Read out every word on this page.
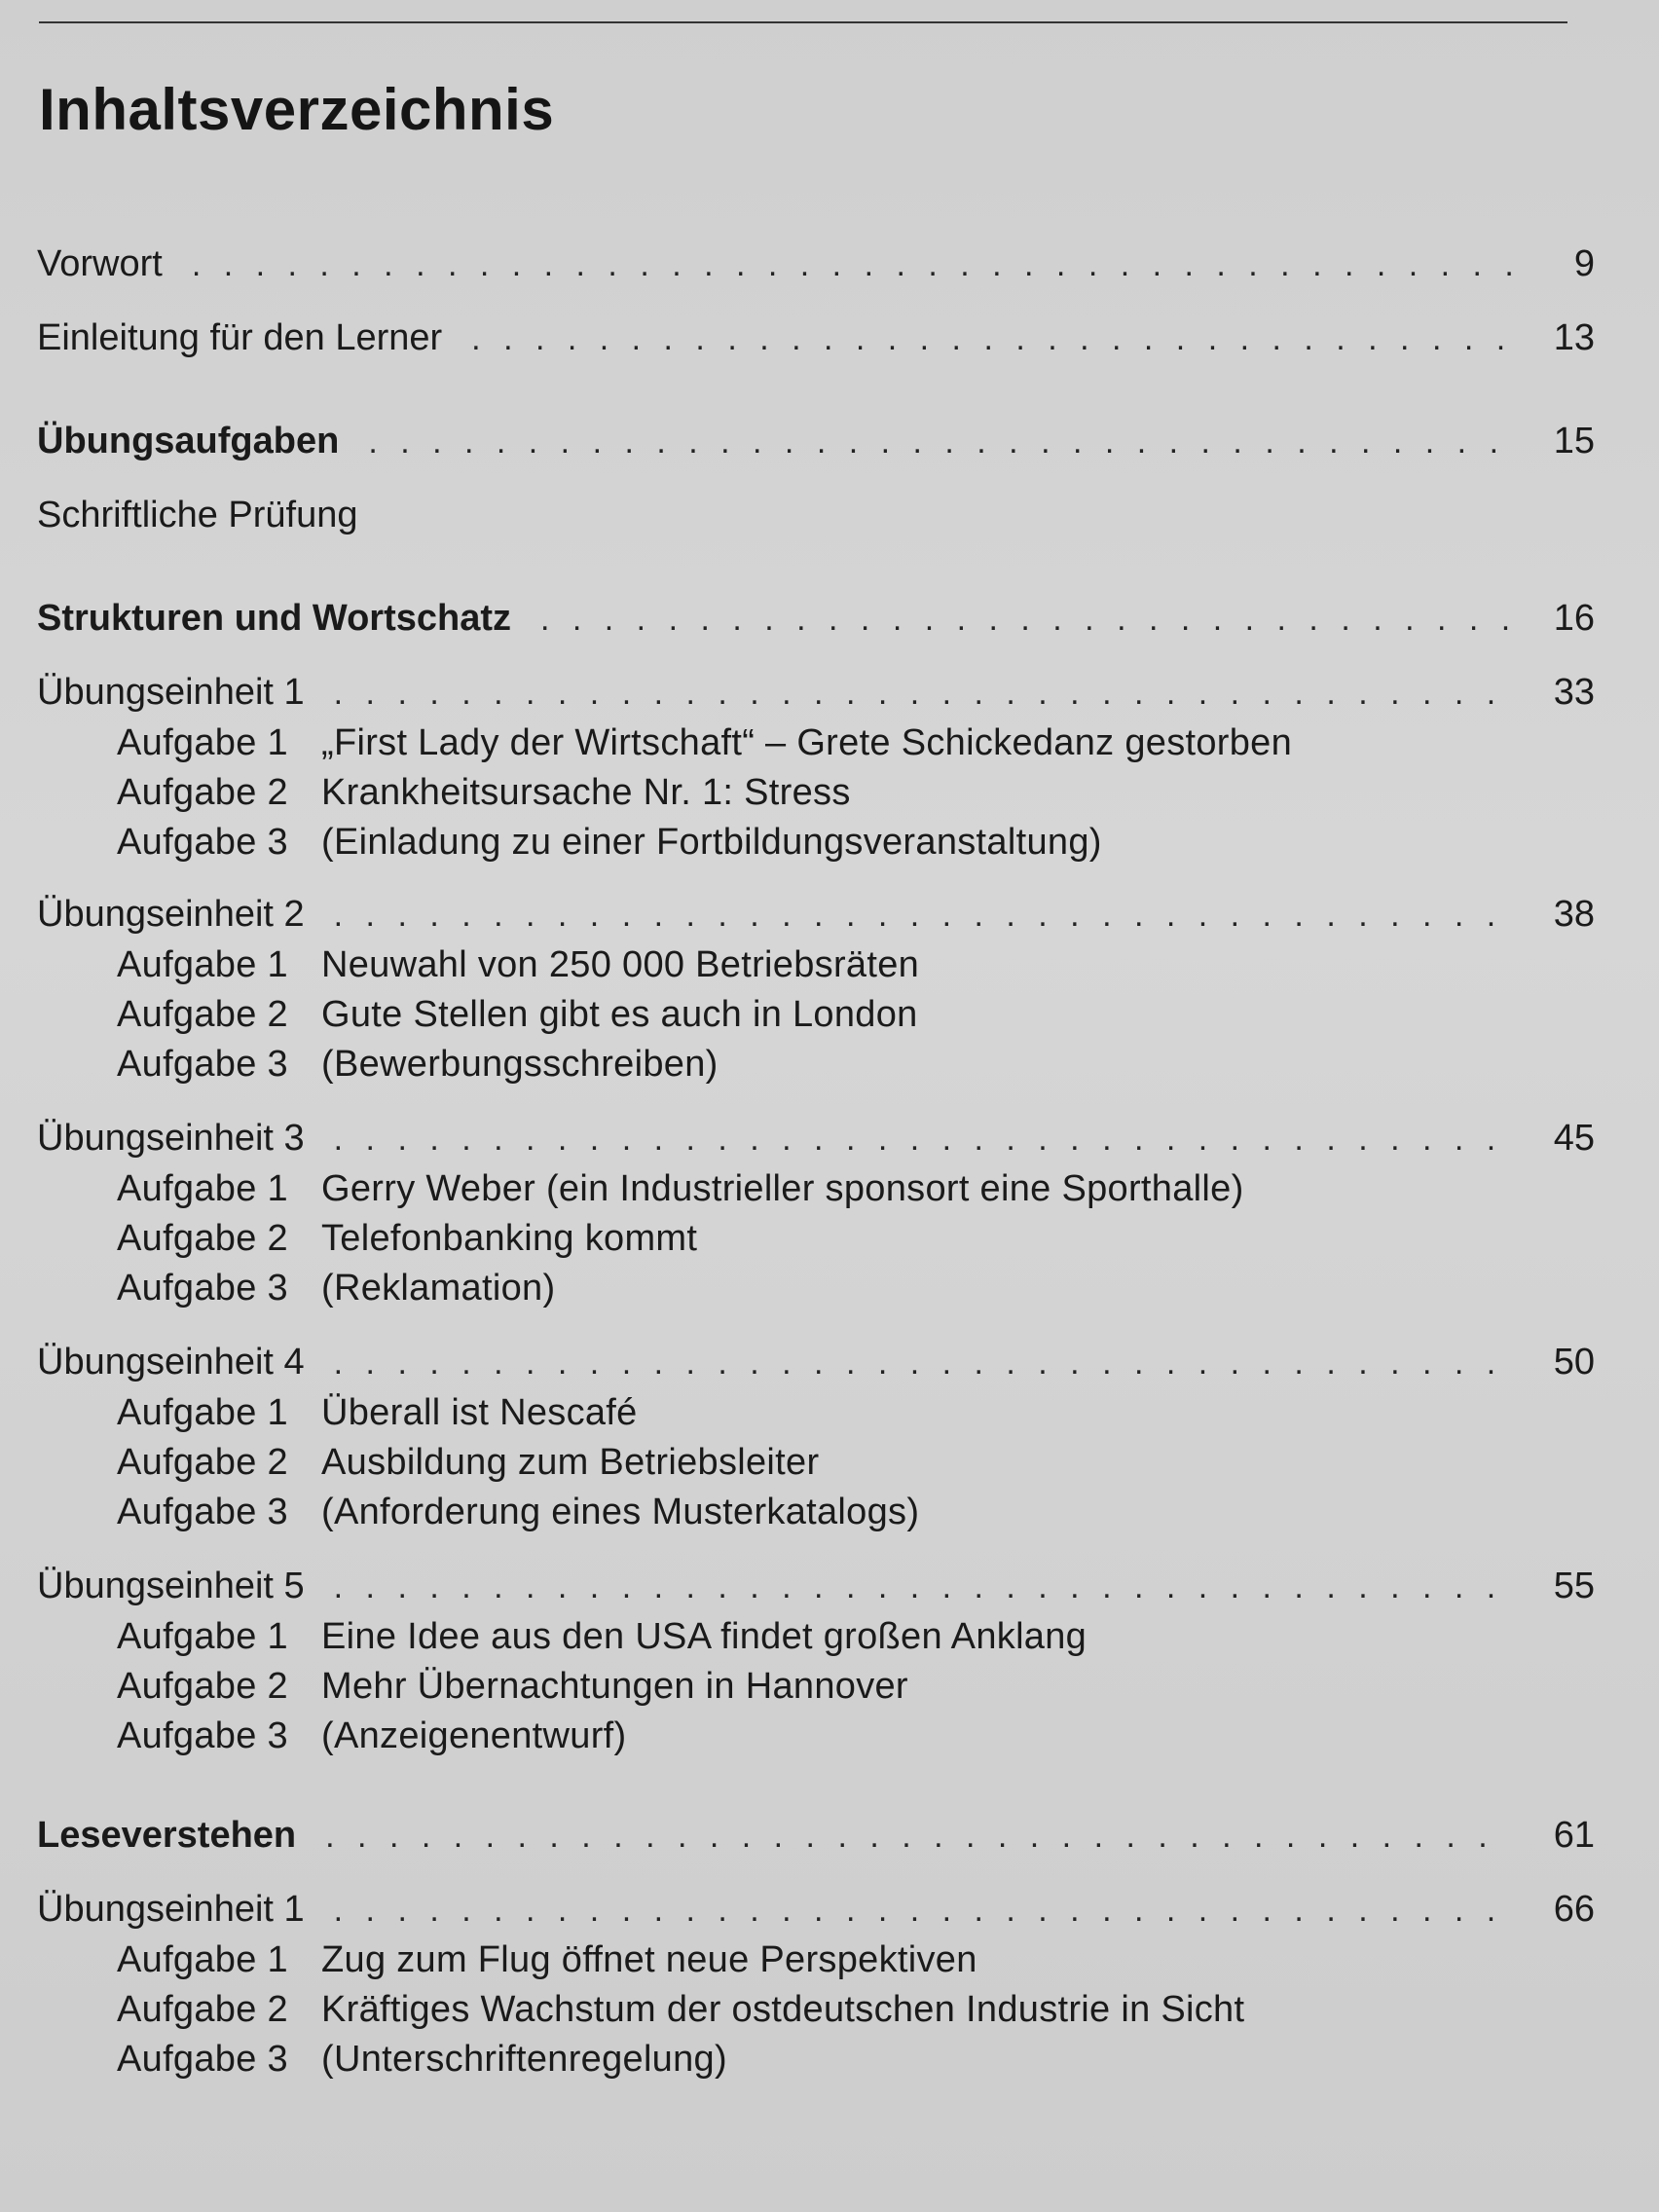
Inhaltsverzeichnis
Vorwort . . .	9
Einleitung für den Lerner . . .	13
Übungsaufgaben . . .	15
Schriftliche Prüfung
Strukturen und Wortschatz . . .	16
Übungseinheit 1 . . .	33
Aufgabe 1 „First Lady der Wirtschaft“ – Grete Schickedanz gestorben
Aufgabe 2 Krankheitsursache Nr. 1: Stress
Aufgabe 3 (Einladung zu einer Fortbildungsveranstaltung)
Übungseinheit 2 . . .	38
Aufgabe 1 Neuwahl von 250 000 Betriebsräten
Aufgabe 2 Gute Stellen gibt es auch in London
Aufgabe 3 (Bewerbungsschreiben)
Übungseinheit 3 . . .	45
Aufgabe 1 Gerry Weber (ein Industrieller sponsort eine Sporthalle)
Aufgabe 2 Telefonbanking kommt
Aufgabe 3 (Reklamation)
Übungseinheit 4 . . .	50
Aufgabe 1 Überall ist Nescafé
Aufgabe 2 Ausbildung zum Betriebsleiter
Aufgabe 3 (Anforderung eines Musterkatalogs)
Übungseinheit 5 . . .	55
Aufgabe 1 Eine Idee aus den USA findet großen Anklang
Aufgabe 2 Mehr Übernachtungen in Hannover
Aufgabe 3 (Anzeigenentwurf)
Leseverstehen . . .	61
Übungseinheit 1 . . .	66
Aufgabe 1 Zug zum Flug öffnet neue Perspektiven
Aufgabe 2 Kräftiges Wachstum der ostdeutschen Industrie in Sicht
Aufgabe 3 (Unterschriftenregelung)
